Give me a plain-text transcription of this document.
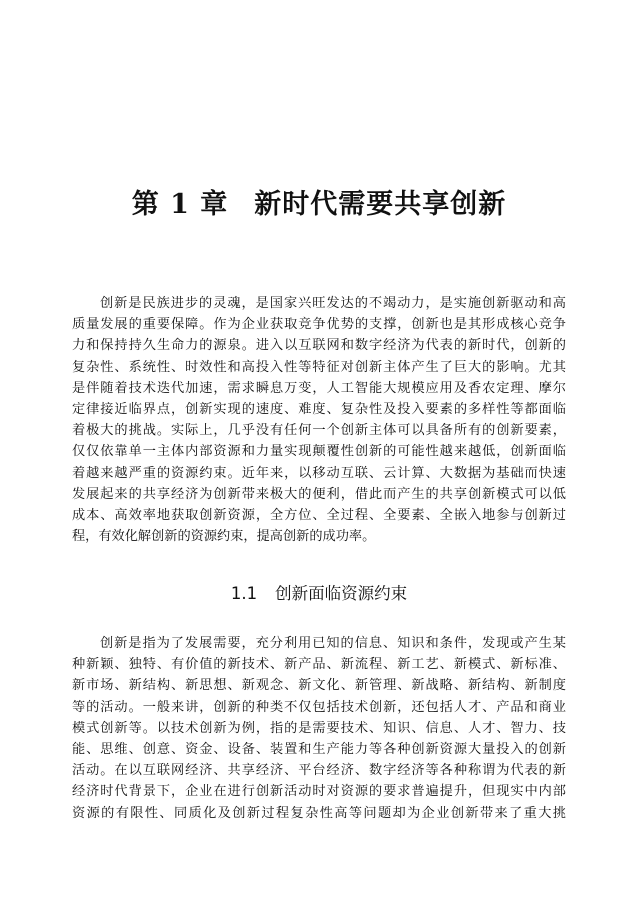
第 1 章 新时代需要共享创新
创新是民族进步的灵魂，是国家兴旺发达的不竭动力，是实施创新驱动和高
质量发展的重要保障。作为企业获取竞争优势的支撑，创新也是其形成核心竞争
力和保持持久生命力的源泉。进入以互联网和数字经济为代表的新时代，创新的
复杂性、系统性、时效性和高投入性等特征对创新主体产生了巨大的影响。尤其
是伴随着技术迭代加速，需求瞬息万变，人工智能大规模应用及香农定理、摩尔
定律接近临界点，创新实现的速度、难度、复杂性及投入要素的多样性等都面临
着极大的挑战。实际上，几乎没有任何一个创新主体可以具备所有的创新要素，
仅仅依靠单一主体内部资源和力量实现颠覆性创新的可能性越来越低，创新面临
着越来越严重的资源约束。近年来，以移动互联、云计算、大数据为基础而快速
发展起来的共享经济为创新带来极大的便利，借此而产生的共享创新模式可以低
成本、高效率地获取创新资源，全方位、全过程、全要素、全嵌入地参与创新过
程，有效化解创新的资源约束，提高创新的成功率。
1.1 创新面临资源约束
创新是指为了发展需要，充分利用已知的信息、知识和条件，发现或产生某
种新颖、独特、有价值的新技术、新产品、新流程、新工艺、新模式、新标准、
新市场、新结构、新思想、新观念、新文化、新管理、新战略、新结构、新制度
等的活动。一般来讲，创新的种类不仅包括技术创新，还包括人才、产品和商业
模式创新等。以技术创新为例，指的是需要技术、知识、信息、人才、智力、技
能、思维、创意、资金、设备、装置和生产能力等各种创新资源大量投入的创新
活动。在以互联网经济、共享经济、平台经济、数字经济等各种称谓为代表的新
经济时代背景下，企业在进行创新活动时对资源的要求普遍提升，但现实中内部
资源的有限性、同质化及创新过程复杂性高等问题却为企业创新带来了重大挑
